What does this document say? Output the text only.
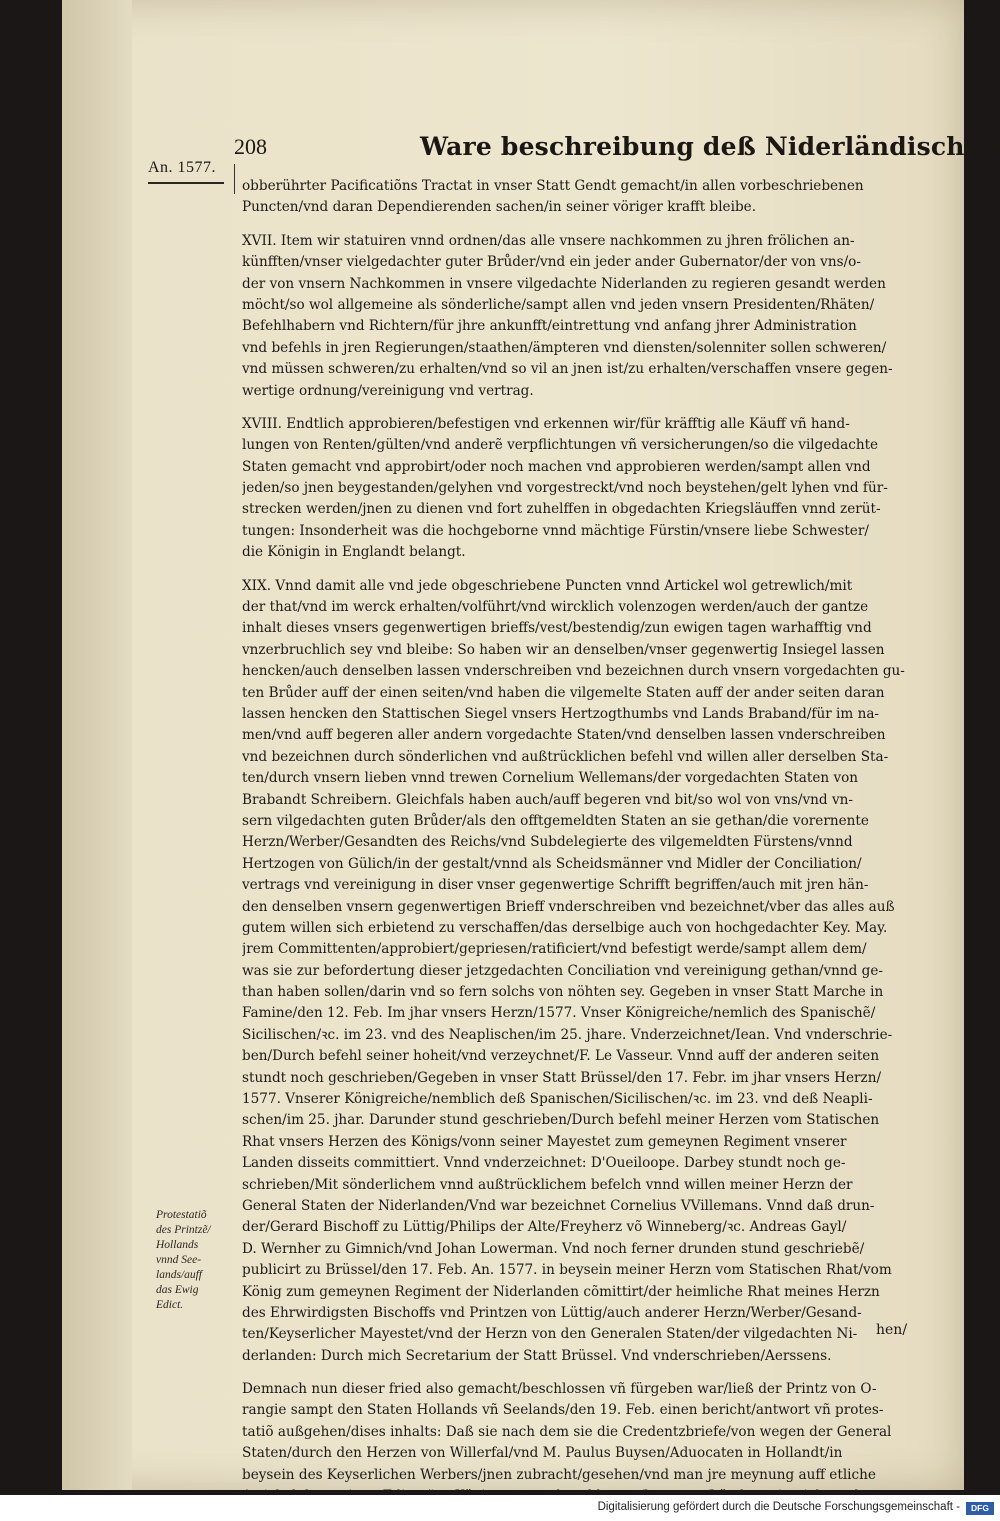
208	Ware beschreibung deß Niderländischen
An. 1577.
obberührter Pacificatiõns Tractat in vnser Statt Gendt gemacht/in allen vorbeschriebenen
Puncten/vnd daran Dependierenden sachen/in seiner vöriger krafft bleibe.
XVII. Item wir statuiren vnnd ordnen/das alle vnsere nachkommen zu jhren frölichen an-
künfften/vnser vielgedachter guter Brůder/vnd ein jeder ander Gubernator/der von vns/o-
der von vnsern Nachkommen in vnsere vilgedachte Niderlanden zu regieren gesandt werden
möcht/so wol allgemeine als sönderliche/sampt allen vnd jeden vnsern Presidenten/Rhäten/
Befehlhabern vnd Richtern/für jhre ankunfft/eintrettung vnd anfang jhrer Administration
vnd befehls in jren Regierungen/staathen/ämpteren vnd diensten/solenniter sollen schweren/
vnd müssen schweren/zu erhalten/vnd so vil an jnen ist/zu erhalten/verschaffen vnsere gegen-
wertige ordnung/vereinigung vnd vertrag.
XVIII. Endtlich approbieren/befestigen vnd erkennen wir/für kräfftig alle Käuff vñ hand-
lungen von Renten/gülten/vnd anderẽ verpflichtungen vñ versicherungen/so die vilgedachte
Staten gemacht vnd approbirt/oder noch machen vnd approbieren werden/sampt allen vnd
jeden/so jnen beygestanden/gelyhen vnd vorgestreckt/vnd noch beystehen/gelt lyhen vnd für-
strecken werden/jnen zu dienen vnd fort zuhelffen in obgedachten Kriegsläuffen vnnd zerüt-
tungen: Insonderheit was die hochgeborne vnnd mächtige Fürstin/vnsere liebe Schwester/
die Königin in Englandt belangt.
XIX. Vnnd damit alle vnd jede obgeschriebene Puncten vnnd Artickel wol getrewlich/mit
der that/vnd im werck erhalten/volführt/vnd wircklich volenzogen werden/auch der gantze
inhalt dieses vnsers gegenwertigen brieffs/vest/bestendig/zun ewigen tagen warhafftig vnd
vnzerbruchlich sey vnd bleibe: So haben wir an denselben/vnser gegenwertig Insiegel lassen
hencken/auch denselben lassen vnderschreiben vnd bezeichnen durch vnsern vorgedachten gu-
ten Brůder auff der einen seiten/vnd haben die vilgemelte Staten auff der ander seiten daran
lassen hencken den Stattischen Siegel vnsers Hertzogthumbs vnd Lands Braband/für im na-
men/vnd auff begeren aller andern vorgedachte Staten/vnd denselben lassen vnderschreiben
vnd bezeichnen durch sönderlichen vnd außtrücklichen befehl vnd willen aller derselben Sta-
ten/durch vnsern lieben vnnd trewen Cornelium Wellemans/der vorgedachten Staten von
Brabandt Schreibern. Gleichfals haben auch/auff begeren vnd bit/so wol von vns/vnd vn-
sern vilgedachten guten Brůder/als den offtgemeldten Staten an sie gethan/die vorernente
Herzn/Werber/Gesandten des Reichs/vnd Subdelegierte des vilgemeldten Fürstens/vnnd
Hertzogen von Gülich/in der gestalt/vnnd als Scheidsmänner vnd Midler der Conciliation/
vertrags vnd vereinigung in diser vnser gegenwertige Schrifft begriffen/auch mit jren hän-
den denselben vnsern gegenwertigen Brieff vnderschreiben vnd bezeichnet/vber das alles auß
gutem willen sich erbietend zu verschaffen/das derselbige auch von hochgedachter Key. May.
jrem Committenten/approbiert/gepriesen/ratificiert/vnd befestigt werde/sampt allem dem/
was sie zur befordertung dieser jetzgedachten Conciliation vnd vereinigung gethan/vnnd ge-
than haben sollen/darin vnd so fern solchs von nöhten sey. Gegeben in vnser Statt Marche in
Famine/den 12. Feb. Im jhar vnsers Herzn/1577. Vnser Königreiche/nemlich des Spanischẽ/
Sicilischen/ꝛc. im 23. vnd des Neaplischen/im 25. jhare. Vnderzeichnet/Iean. Vnd vnderschrie-
ben/Durch befehl seiner hoheit/vnd verzeychnet/F. Le Vasseur. Vnnd auff der anderen seiten
stundt noch geschrieben/Gegeben in vnser Statt Brüssel/den 17. Febr. im jhar vnsers Herzn/
1577. Vnserer Königreiche/nemblich deß Spanischen/Sicilischen/ꝛc. im 23. vnd deß Neapli-
schen/im 25. jhar. Darunder stund geschrieben/Durch befehl meiner Herzen vom Statischen
Rhat vnsers Herzen des Königs/vonn seiner Mayestet zum gemeynen Regiment vnserer
Landen disseits committiert. Vnnd vnderzeichnet: D'Oueiloope. Darbey stundt noch ge-
schrieben/Mit sönderlichem vnnd außtrücklichem befelch vnnd willen meiner Herzn der
General Staten der Niderlanden/Vnd war bezeichnet Cornelius VVillemans. Vnnd daß drun-
der/Gerard Bischoff zu Lüttig/Philips der Alte/Freyherz võ Winneberg/ꝛc. Andreas Gayl/
D. Wernher zu Gimnich/vnd Johan Lowerman. Vnd noch ferner drunden stund geschriebẽ/
publicirt zu Brüssel/den 17. Feb. An. 1577. in beysein meiner Herzn vom Statischen Rhat/vom
König zum gemeynen Regiment der Niderlanden cõmittirt/der heimliche Rhat meines Herzn
des Ehrwirdigsten Bischoffs vnd Printzen von Lüttig/auch anderer Herzn/Werber/Gesand-
ten/Keyserlicher Mayestet/vnd der Herzn von den Generalen Staten/der vilgedachten Ni-
derlanden: Durch mich Secretarium der Statt Brüssel. Vnd vnderschrieben/Aerssens.
Demnach nun dieser fried also gemacht/beschlossen vñ fürgeben war/ließ der Printz von O-
rangie sampt den Staten Hollands vñ Seelands/den 19. Feb. einen bericht/antwort vñ protes-
tatiõ außgehen/dises inhalts: Daß sie nach dem sie die Credentzbriefe/von wegen der General
Staten/durch den Herzen von Willerfal/vnd M. Paulus Buysen/Aduocaten in Hollandt/in
beysein des Keyserlichen Werbers/jnen zubracht/gesehen/vnd man jre meynung auff etliche
Protestatiõ
des Printzẽ/
Hollands
vnnd See-
lands/auff
das Ewig
Edict.
hen/
Digitalisierung gefördert durch die Deutsche Forschungsgemeinschaft -	DFG
